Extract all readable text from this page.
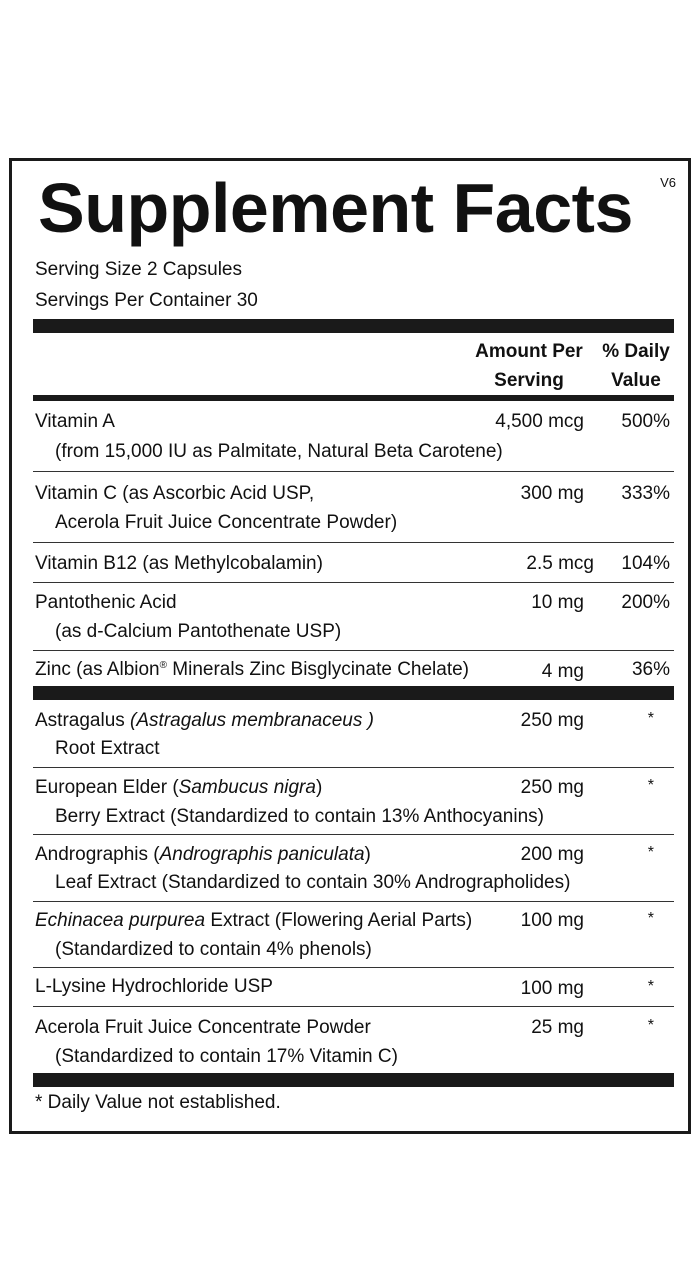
Supplement Facts V6
Serving Size 2 Capsules
Servings Per Container 30
Amount Per
Serving
% Daily
Value
Vitamin A
(from 15,000 IU as Palmitate, Natural Beta Carotene)
4,500 mcg 500%
Vitamin C (as Ascorbic Acid USP,
Acerola Fruit Juice Concentrate Powder)
300 mg 333%
Vitamin B12 (as Methylcobalamin)	2.5 mcg 104%
Pantothenic Acid
(as d-Calcium Pantothenate USP)
10 mg 200%
Zinc (as Albion® Minerals Zinc Bisglycinate Chelate)	4 mg	36%
Astragalus (Astragalus membranaceus )
Root Extract
250 mg	*
European Elder (Sambucus nigra)
Berry Extract (Standardized to contain 13% Anthocyanins)
250 mg	*
Andrographis (Andrographis paniculata)
Leaf Extract (Standardized to contain 30% Andrographolides)
200 mg	*
Echinacea purpurea Extract (Flowering Aerial Parts)
(Standardized to contain 4% phenols)
100 mg	*
L-Lysine Hydrochloride USP	100 mg	*
Acerola Fruit Juice Concentrate Powder
(Standardized to contain 17% Vitamin C)
25 mg	*
* Daily Value not established.
